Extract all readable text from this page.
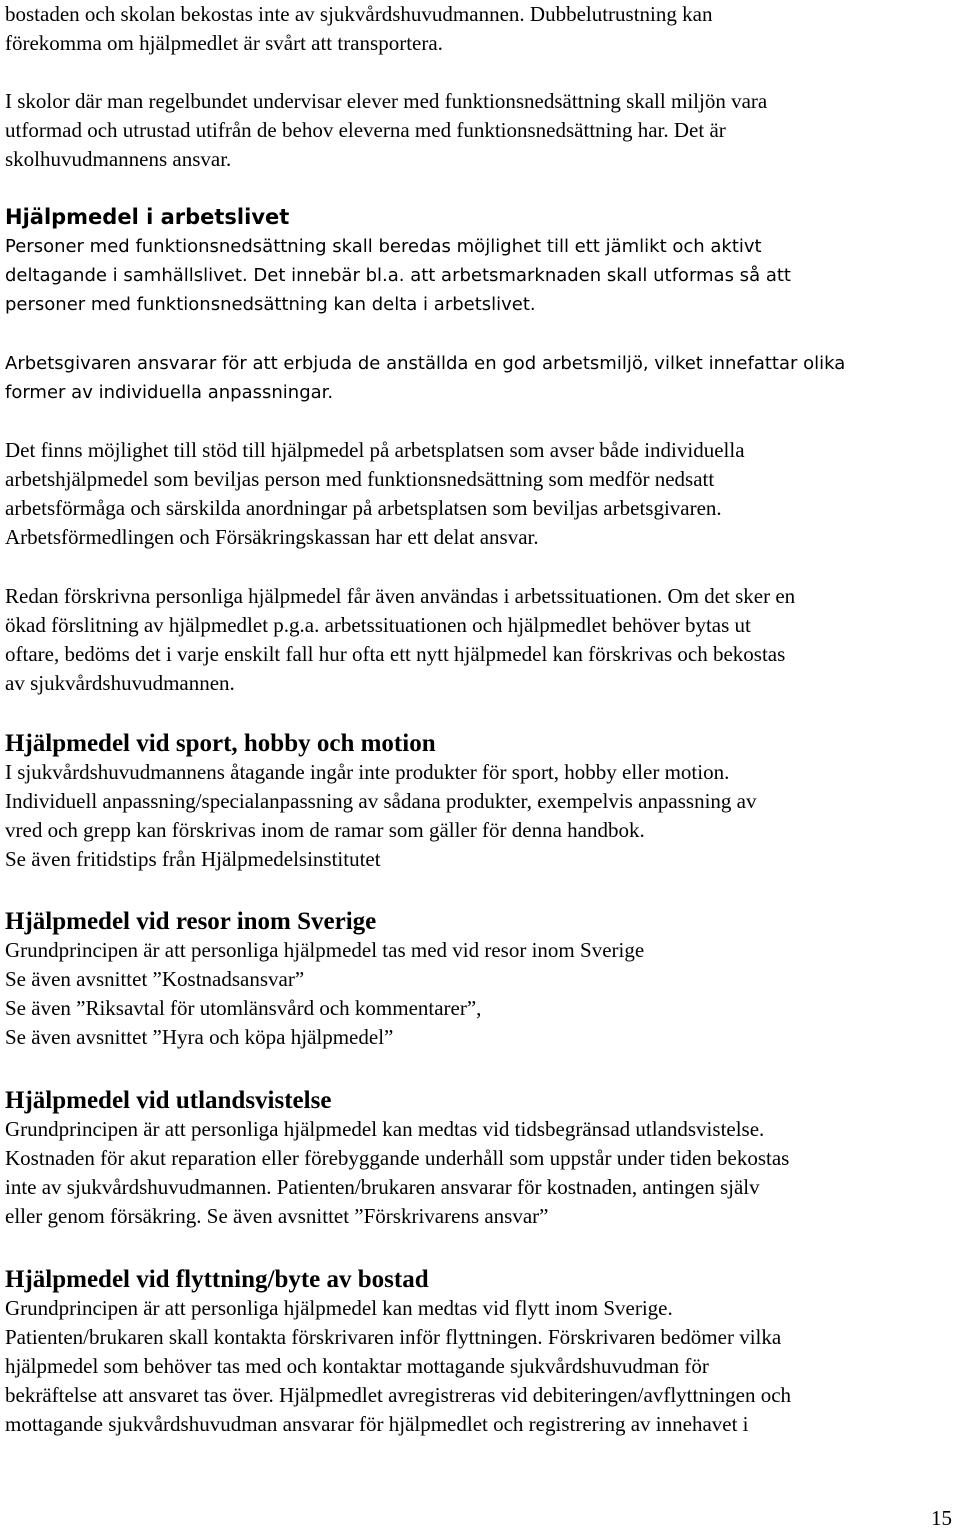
bostaden och skolan bekostas inte av sjukvårdshuvudmannen. Dubbelutrustning kan
förekomma om hjälpmedlet är svårt att transportera.
I skolor där man regelbundet undervisar elever med funktionsnedsättning skall miljön vara
utformad och utrustad utifrån de behov eleverna med funktionsnedsättning har. Det är
skolhuvudmannens ansvar.
Hjälpmedel i arbetslivet
Personer med funktionsnedsättning skall beredas möjlighet till ett jämlikt och aktivt
deltagande i samhällslivet. Det innebär bl.a. att arbetsmarknaden skall utformas så att
personer med funktionsnedsättning kan delta i arbetslivet.
Arbetsgivaren ansvarar för att erbjuda de anställda en god arbetsmiljö, vilket innefattar olika
former av individuella anpassningar.
Det finns möjlighet till stöd till hjälpmedel på arbetsplatsen som avser både individuella
arbetshjälpmedel som beviljas person med funktionsnedsättning som medför nedsatt
arbetsförmåga och särskilda anordningar på arbetsplatsen som beviljas arbetsgivaren.
Arbetsförmedlingen och Försäkringskassan har ett delat ansvar.
Redan förskrivna personliga hjälpmedel får även användas i arbetssituationen. Om det sker en
ökad förslitning av hjälpmedlet p.g.a. arbetssituationen och hjälpmedlet behöver bytas ut
oftare, bedöms det i varje enskilt fall hur ofta ett nytt hjälpmedel kan förskrivas och bekostas
av sjukvårdshuvudmannen.
Hjälpmedel vid sport, hobby och motion
I sjukvårdshuvudmannens åtagande ingår inte produkter för sport, hobby eller motion.
Individuell anpassning/specialanpassning av sådana produkter, exempelvis anpassning av
vred och grepp kan förskrivas inom de ramar som gäller för denna handbok.
Se även fritidstips från Hjälpmedelsinstitutet
Hjälpmedel vid resor inom Sverige
Grundprincipen är att personliga hjälpmedel tas med vid resor inom Sverige
Se även avsnittet ”Kostnadsansvar”
Se även ”Riksavtal för utomlänsvård och kommentarer”,
Se även avsnittet ”Hyra och köpa hjälpmedel”
Hjälpmedel vid utlandsvistelse
Grundprincipen är att personliga hjälpmedel kan medtas vid tidsbegränsad utlandsvistelse.
Kostnaden för akut reparation eller förebyggande underhåll som uppstår under tiden bekostas
inte av sjukvårdshuvudmannen. Patienten/brukaren ansvarar för kostnaden, antingen själv
eller genom försäkring. Se även avsnittet ”Förskrivarens ansvar”
Hjälpmedel vid flyttning/byte av bostad
Grundprincipen är att personliga hjälpmedel kan medtas vid flytt inom Sverige.
Patienten/brukaren skall kontakta förskrivaren inför flyttningen. Förskrivaren bedömer vilka
hjälpmedel som behöver tas med och kontaktar mottagande sjukvårdshuvudman för
bekräftelse att ansvaret tas över. Hjälpmedlet avregistreras vid debiteringen/avflyttningen och
mottagande sjukvårdshuvudman ansvarar för hjälpmedlet och registrering av innehavet i
15
